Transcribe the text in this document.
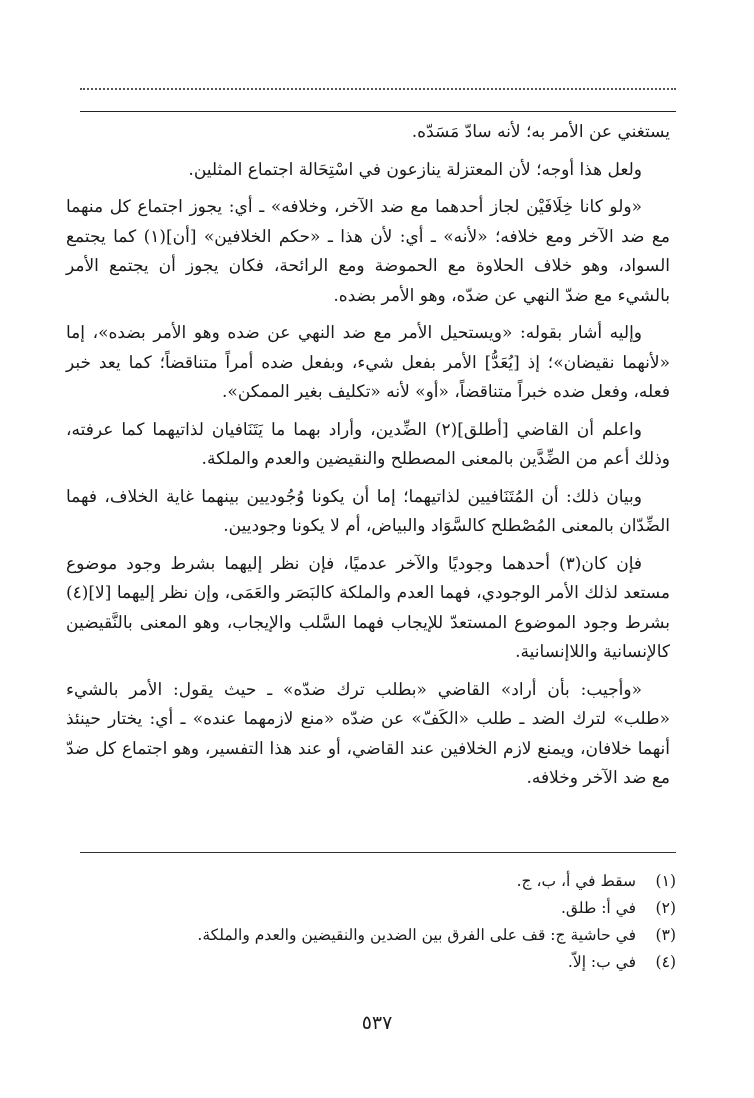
يستغني عن الأمر به؛ لأنه سادّ مَسَدّه.

ولعل هذا أوجه؛ لأن المعتزلة ينازعون في اسْتِحَالة اجتماع المثلين.

«ولو كانا خِلَافَيْن لجاز أحدهما مع ضد الآخر، وخلافه» ـ أي: يجوز اجتماع كل منهما مع ضد الآخر ومع خلافه؛ «لأنه» ـ أي: لأن هذا ـ «حكم الخلافين» [أن](١) كما يجتمع السواد، وهو خلاف الحلاوة مع الحموضة ومع الرائحة، فكان يجوز أن يجتمع الأمر بالشيء مع ضدّ النهي عن ضدّه، وهو الأمر بضده.

وإليه أشار بقوله: «ويستحيل الأمر مع ضد النهي عن ضده وهو الأمر بضده»، إما «لأنهما نقيضان»؛ إذ [يُعَدُّ] الأمر بفعل شيء، وبفعل ضده أمراً متناقضاً؛ كما يعد خبر فعله، وفعل ضده خبراً متناقضاً، «أو» لأنه «تكليف بغير الممكن».

واعلم أن القاضي [أطلق](٢) الضِّدين، وأراد بهما ما يَتَنَافيان لذاتيهما كما عرفته، وذلك أعم من الضِّدَّين بالمعنى المصطلح والنقيضين والعدم والملكة.

وبيان ذلك: أن المُتَنَافيين لذاتيهما؛ إما أن يكونا وُجُوديين بينهما غاية الخلاف، فهما الضِّدّان بالمعنى المُصْطلح كالسَّوَاد والبياض، أم لا يكونا وجوديين.

فإن كان(٣) أحدهما وجوديًا والآخر عدميًا، فإن نظر إليهما بشرط وجود موضوع مستعد لذلك الأمر الوجودي، فهما العدم والملكة كالبَصَر والعَمَى، وإن نظر إليهما [لا](٤) بشرط وجود الموضوع المستعدّ للإيجاب فهما السَّلب والإيجاب، وهو المعنى بالنَّقيضين كالإنسانية واللاإنسانية.

«وأجيب: بأن أراد» القاضي «بطلب ترك ضدّه» ـ حيث يقول: الأمر بالشيء «طلب» لترك الضد ـ طلب «الكَفّ» عن ضدّه «منع لازمهما عنده» ـ أي: يختار حينئذ أنهما خلافان، ويمنع لازم الخلافين عند القاضي، أو عند هذا التفسير، وهو اجتماع كل ضدّ مع ضد الآخر وخلافه.

(١)
سقط في أ، ب، ج.
(٢)
في أ: طلق.
(٣)
في حاشية ج: قف على الفرق بين الضدين والنقيضين والعدم والملكة.
(٤)
في ب: إلاّ.
٥٣٧
